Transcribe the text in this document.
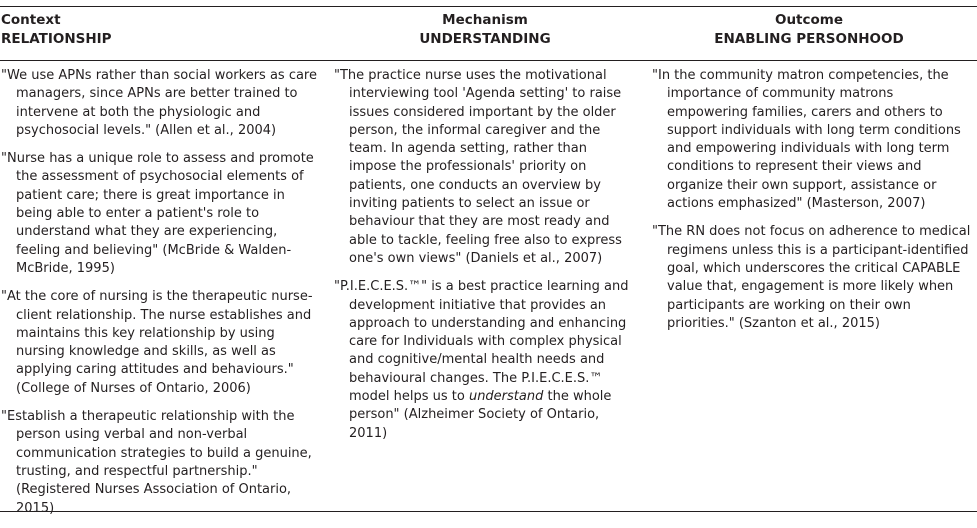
Context
RELATIONSHIP
Mechanism
UNDERSTANDING
Outcome
ENABLING PERSONHOOD

"We use APNs rather than social workers as care managers, since APNs are better trained to intervene at both the physiologic and psychosocial levels." (Allen et al., 2004)

"Nurse has a unique role to assess and promote the assessment of psychosocial elements of patient care; there is great importance in being able to enter a patient's role to understand what they are experiencing, feeling and believing" (McBride & Walden- McBride, 1995)

"At the core of nursing is the therapeutic nurse-client relationship. The nurse establishes and maintains this key relationship by using nursing knowledge and skills, as well as applying caring attitudes and behaviours." (College of Nurses of Ontario, 2006)

"Establish a therapeutic relationship with the person using verbal and non-verbal communication strategies to build a genuine, trusting, and respectful partnership." (Registered Nurses Association of Ontario, 2015)

"The practice nurse uses the motivational interviewing tool 'Agenda setting' to raise issues considered important by the older person, the informal caregiver and the team. In agenda setting, rather than impose the professionals' priority on patients, one conducts an overview by inviting patients to select an issue or behaviour that they are most ready and able to tackle, feeling free also to express one's own views" (Daniels et al., 2007)

"P.I.E.C.E.S.™" is a best practice learning and development initiative that provides an approach to understanding and enhancing care for Individuals with complex physical and cognitive/mental health needs and behavioural changes. The P.I.E.C.E.S.™ model helps us to understand the whole person" (Alzheimer Society of Ontario, 2011)

"In the community matron competencies, the importance of community matrons empowering families, carers and others to support individuals with long term conditions and empowering individuals with long term conditions to represent their views and organize their own support, assistance or actions emphasized" (Masterson, 2007)

"The RN does not focus on adherence to medical regimens unless this is a participant-identified goal, which underscores the critical CAPABLE value that, engagement is more likely when participants are working on their own priorities." (Szanton et al., 2015)
